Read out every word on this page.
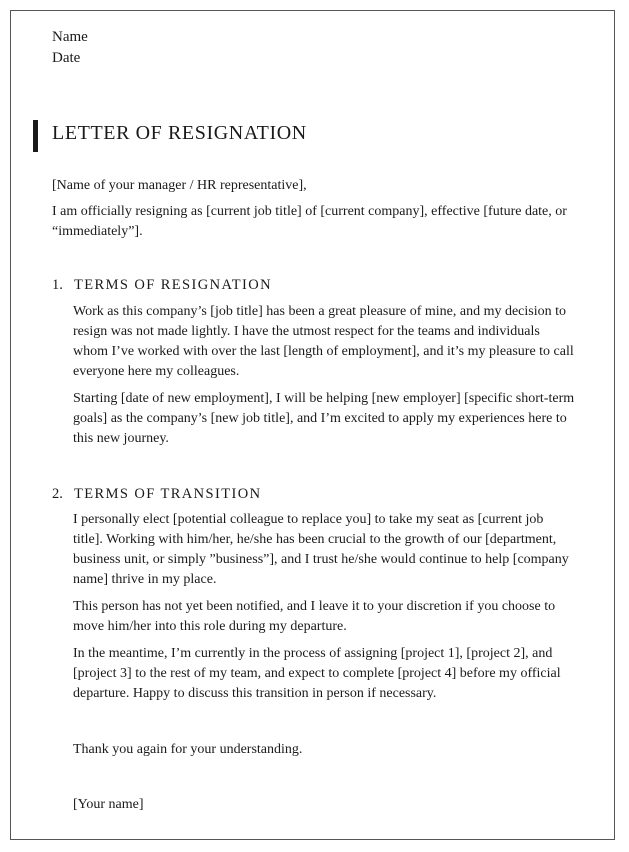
Name
Date
LETTER OF RESIGNATION

[Name of your manager / HR representative],

I am officially resigning as [current job title] of [current company], effective [future date, or “immediately”].

1. TERMS OF RESIGNATION

Work as this company’s [job title] has been a great pleasure of mine, and my decision to resign was not made lightly. I have the utmost respect for the teams and individuals whom I’ve worked with over the last [length of employment], and it’s my pleasure to call everyone here my colleagues.

Starting [date of new employment], I will be helping [new employer] [specific short-term goals] as the company’s [new job title], and I’m excited to apply my experiences here to this new journey.

2. TERMS OF TRANSITION

I personally elect [potential colleague to replace you] to take my seat as [current job title]. Working with him/her, he/she has been crucial to the growth of our [department, business unit, or simply ”business”], and I trust he/she would continue to help [company name] thrive in my place.

This person has not yet been notified, and I leave it to your discretion if you choose to move him/her into this role during my departure.

In the meantime, I’m currently in the process of assigning [project 1], [project 2], and [project 3] to the rest of my team, and expect to complete [project 4] before my official departure. Happy to discuss this transition in person if necessary.

Thank you again for your understanding.
[Your name]
